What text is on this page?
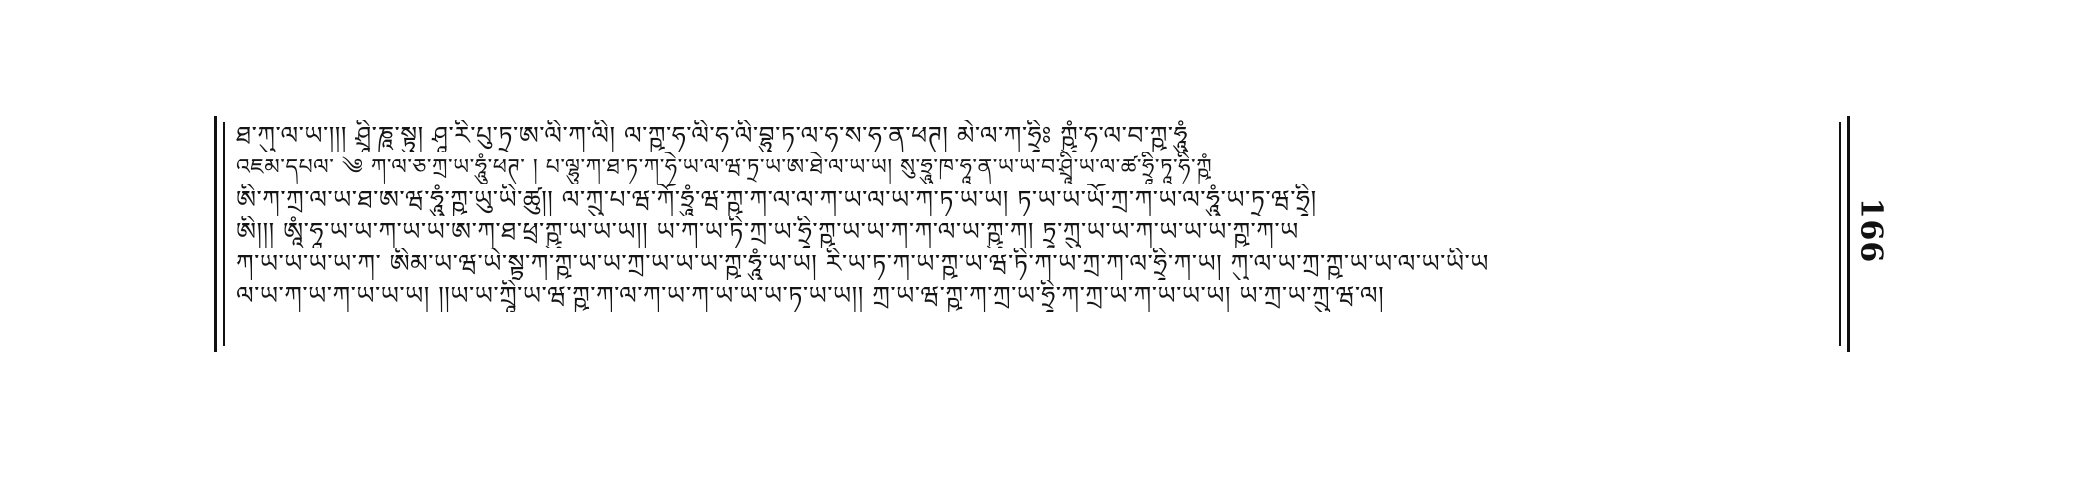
ཐ་ཀུ་ལ་ཡ་།།། ཤྲཱི་ཎཱ་སྟུ། ཤཱ་རི་པུ་ཏྲ་ཨ་ལི་ཀ་ལི། ལ་ཀྵ་ཧ་ལི་ཧ་ལི་བྷུ་ཏ་ལ་ཧ་ས་ཧ་ན་ཕཊ། མེ་ལ་ཀ་ཧྲཱིཿ ཀྵུཾ་ཧ་ལ་བ་ཀྵ་ཧཱུཾ
འཇམ་དཔལ་ ༄ ཀ་ལ་ཅ་ཀྲ་ཡ་ཧཱུཾ་ཕཊ་ ། པ་ལྷུ་ཀ་ཐ་ཏ་ཀ་ཧེ་ཡ་ལ་ཝ་ཏྲ་ཡ་ཨ་ཐེ་ལ་ཡ་ཡ། སུ་ཧྲཱུ་ཁ་ཧཱ་ན་ཡ་ཡ་བ་ཤྲཱི་ཡ་ལ་ཚ་ཧྲཱི་ཏཱ་ཧི་ཀྵཾ
ཨི་ཀ་ཀྲ་ལ་ཡ་ཐ་ཨ་ཝ་ཧཱུཾ་ཀྵ་ཡུ་ཡི་ཚུ།། ལ་ཀྲུ་པ་ཝ་ཀོ་ཧྲཱུཾ་ཝ་ཀྵ་ཀ་ལ་ལ་ཀ་ཡ་ལ་ཡ་ཀ་ཏ་ཡ་ཡ། ཏ་ཡ་ཡ་ཡོ་ཀྲ་ཀ་ཡ་ལ་ཧཱུཾ་ཡ་ཏྲ་ཝ་ཧྲཱི།
ཨི།།། ཨཱཾ་ཧཱ་ཡ་ཡ་ཀ་ཡ་ཡ་ཨ་ཀ་ཐ་ཕྲ་ཀྵུ་ཡ་ཡ་ཡ།། ཡ་ཀ་ཡ་ཏི་ཀྲ་ཡ་ཧྲཱི་ཀྵ་ཡ་ཡ་ཀ་ཀ་ལ་ཡ་ཀྵུ་ཀ། ཏྲཱ་ཀྲུ་ཡ་ཡ་ཀ་ཡ་ཡ་ཡ་ཀྵ་ཀ་ཡ
ཀ་ཡ་ཡ་ཡ་ཡ་ཀ་ ཨིམ་ཡ་ཝ་ཡེ་སྟྲུ་ཀ་ཀྵ་ཡ་ཡ་ཀྲ་ཡ་ཡ་ཡ་ཀྵ་ཧཱུཾ་ཡ་ཡ། རི་ཡ་ཏ་ཀ་ཡ་ཀྵ་ཡ་ཝ་ཏི་ཀ་ཡ་ཀྲ་ཀ་ལ་ཧྲཱི་ཀ་ཡ། ཀུ་ལ་ཡ་ཀྲ་ཀྵ་ཡ་ཡ་ལ་ཡ་ཡི་ཡ
ལ་ཡ་ཀ་ཡ་ཀ་ཡ་ཡ་ཡ། །།ཡ་ཡ་ཀྲཱི་ཡ་ཝ་ཀྵ་ཀ་ལ་ཀ་ཡ་ཀ་ཡ་ཡ་ཡ་ཏ་ཡ་ཡ།། ཀྲ་ཡ་ཝ་ཀྵ་ཀ་ཀྲ་ཡ་ཧྲཱི་ཀ་ཀྲ་ཡ་ཀ་ཡ་ཡ་ཡ། ཡ་ཀྲ་ཡ་ཀྲུ་ཝ་ལ།
166
